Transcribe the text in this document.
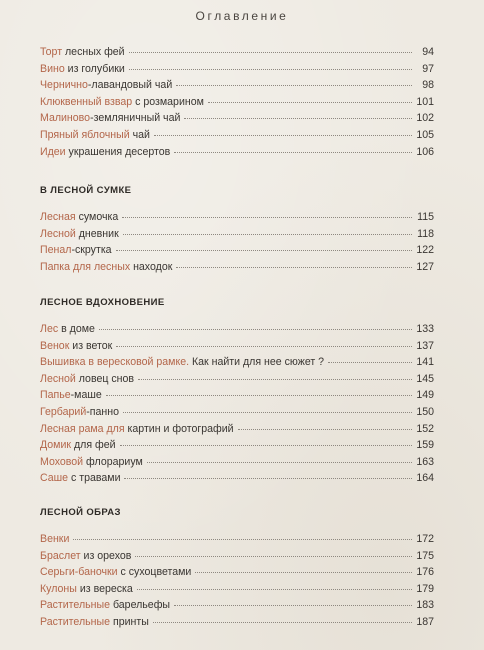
Оглавление
Торт лесных фей	94
Вино из голубики	97
Чернично-лавандовый чай	98
Клюквенный взвар с розмарином	101
Малиново-земляничный чай	102
Пряный яблочный чай	105
Идеи украшения десертов	106
В ЛЕСНОЙ СУМКЕ
Лесная сумочка	115
Лесной дневник	118
Пенал-скрутка	122
Папка для лесных находок	127
ЛЕСНОЕ ВДОХНОВЕНИЕ
Лес в доме	133
Венок из веток	137
Вышивка в вересковой рамке. Как найти для нее сюжет ?	141
Лесной ловец снов	145
Папье-маше	149
Гербарий-панно	150
Лесная рама для картин и фотографий	152
Домик для фей	159
Моховой флорариум	163
Саше с травами	164
ЛЕСНОЙ ОБРАЗ
Венки	172
Браслет из орехов	175
Серьги-баночки с сухоцветами	176
Кулоны из вереска	179
Растительные барельефы	183
Растительные принты	187
